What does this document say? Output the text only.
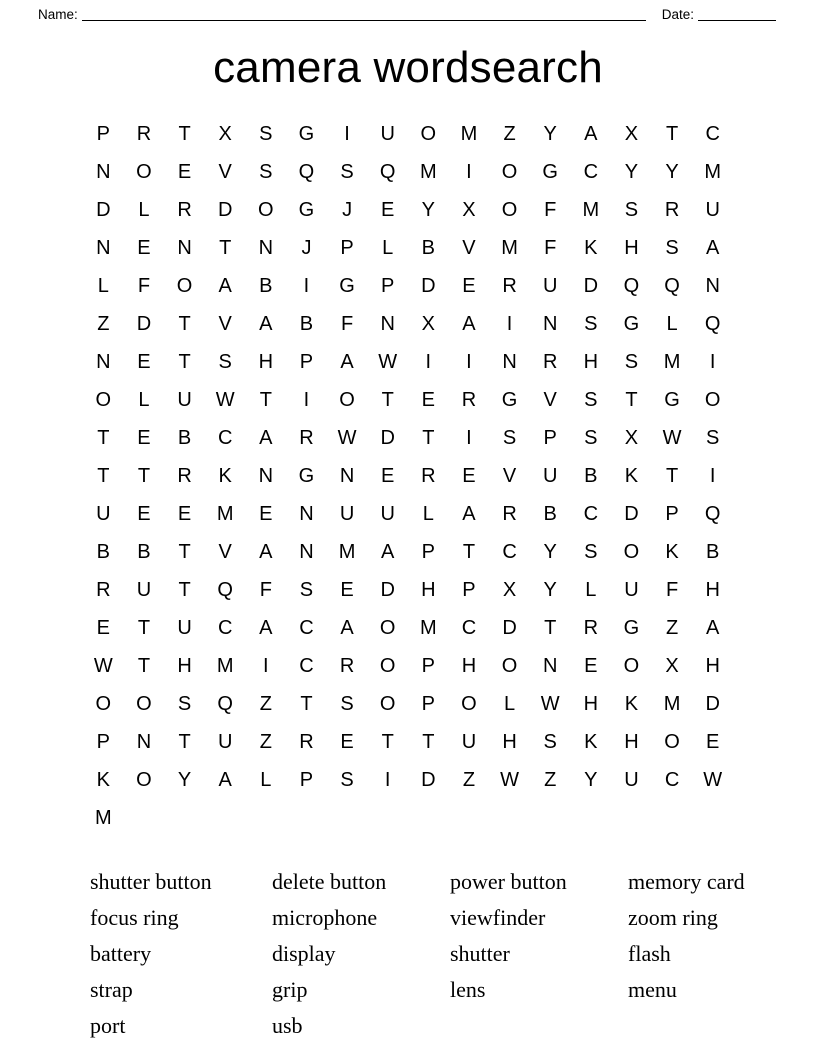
Name:	Date:
camera wordsearch
P	R	T	X	S	G	I	U	O	M	Z	Y	A	X	T	C
N	O	E	V	S	Q	S	Q	M	I	O	G	C	Y	Y	M
D	L	R	D	O	G	J	E	Y	X	O	F	M	S	R	U
N	E	N	T	N	J	P	L	B	V	M	F	K	H	S	A
L	F	O	A	B	I	G	P	D	E	R	U	D	Q	Q	N
Z	D	T	V	A	B	F	N	X	A	I	N	S	G	L	Q
N	E	T	S	H	P	A	W	I	I	N	R	H	S	M	I
O	L	U	W	T	I	O	T	E	R	G	V	S	T	G	O
T	E	B	C	A	R	W	D	T	I	S	P	S	X	W	S
T	T	R	K	N	G	N	E	R	E	V	U	B	K	T	I
U	E	E	M	E	N	U	U	L	A	R	B	C	D	P	Q
B	B	T	V	A	N	M	A	P	T	C	Y	S	O	K	B
R	U	T	Q	F	S	E	D	H	P	X	Y	L	U	F	H
E	T	U	C	A	C	A	O	M	C	D	T	R	G	Z	A
W	T	H	M	I	C	R	O	P	H	O	N	E	O	X	H
O	O	S	Q	Z	T	S	O	P	O	L	W	H	K	M	D
P	N	T	U	Z	R	E	T	T	U	H	S	K	H	O	E
K	O	Y	A	L	P	S	I	D	Z	W	Z	Y	U	C	W
M
shutter button
focus ring
battery
strap
port
delete button
microphone
display
grip
usb
power button
viewfinder
shutter
lens
memory card
zoom ring
flash
menu
